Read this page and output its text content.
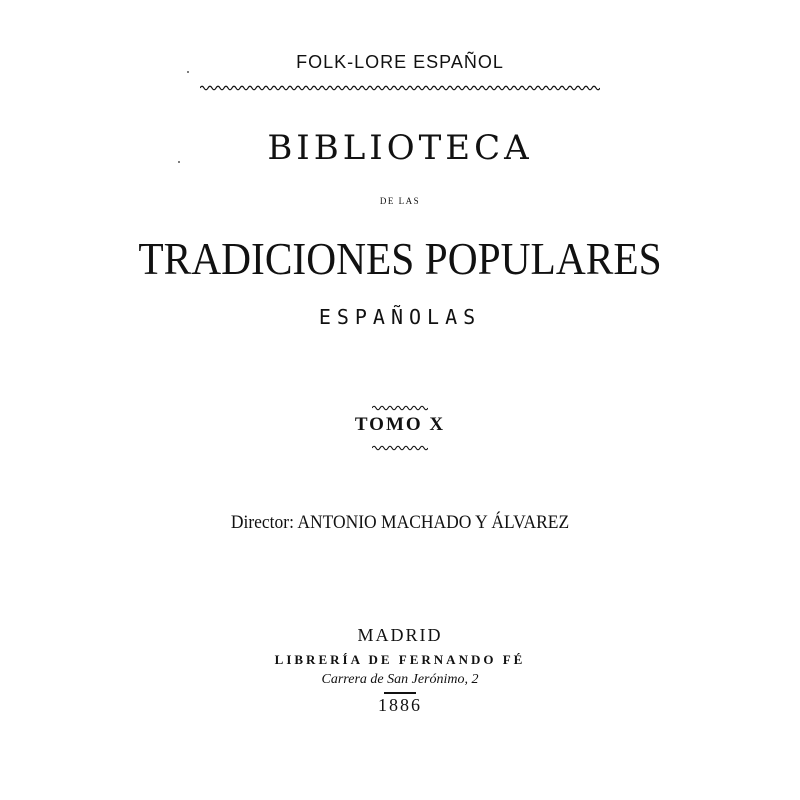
FOLK-LORE ESPAÑOL
BIBLIOTECA
DE LAS
TRADICIONES POPULARES
ESPAÑOLAS
TOMO X
Director: ANTONIO MACHADO Y ÁLVAREZ
MADRID
LIBRERÍA DE FERNANDO FÉ
Carrera de San Jerónimo, 2
1886
